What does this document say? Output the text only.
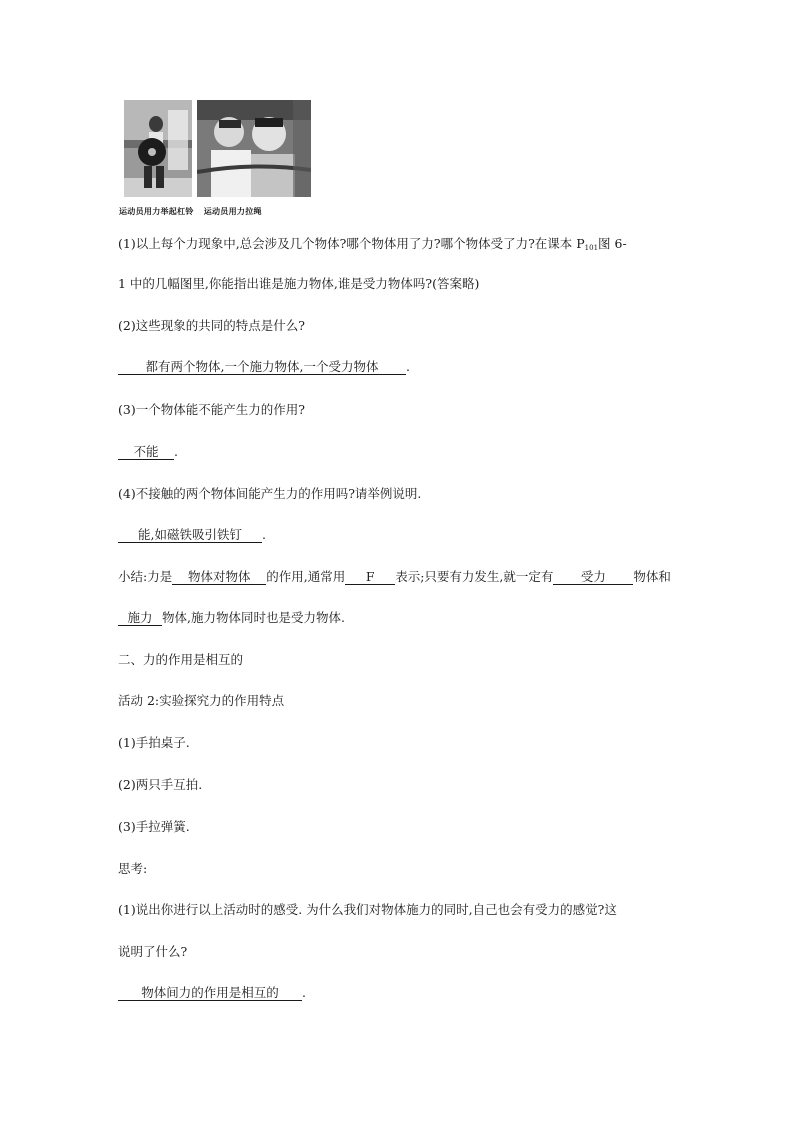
运动员用力举起杠铃 运动员用力拉绳
(1)以上每个力现象中,总会涉及几个物体?哪个物体用了力?哪个物体受了力?在课本 $P_{101}$图 6-
1 中的几幅图里,你能指出谁是施力物体,谁是受力物体吗?(答案略)
(2)这些现象的共同的特点是什么?
都有两个物体,一个施力物体,一个受力物体 .
(3)一个物体能不能产生力的作用?
不能 .
(4)不接触的两个物体间能产生力的作用吗?请举例说明.
能,如磁铁吸引铁钉 .
小结:力是 物体对物体 的作用,通常用 F 表示;只要有力发生,就一定有 受力 物体和
施力 物体,施力物体同时也是受力物体.
二、力的作用是相互的
活动 2:实验探究力的作用特点
(1)手拍桌子.
(2)两只手互拍.
(3)手拉弹簧.
思考:
(1)说出你进行以上活动时的感受. 为什么我们对物体施力的同时,自己也会有受力的感觉?这
说明了什么?
物体间力的作用是相互的 .
